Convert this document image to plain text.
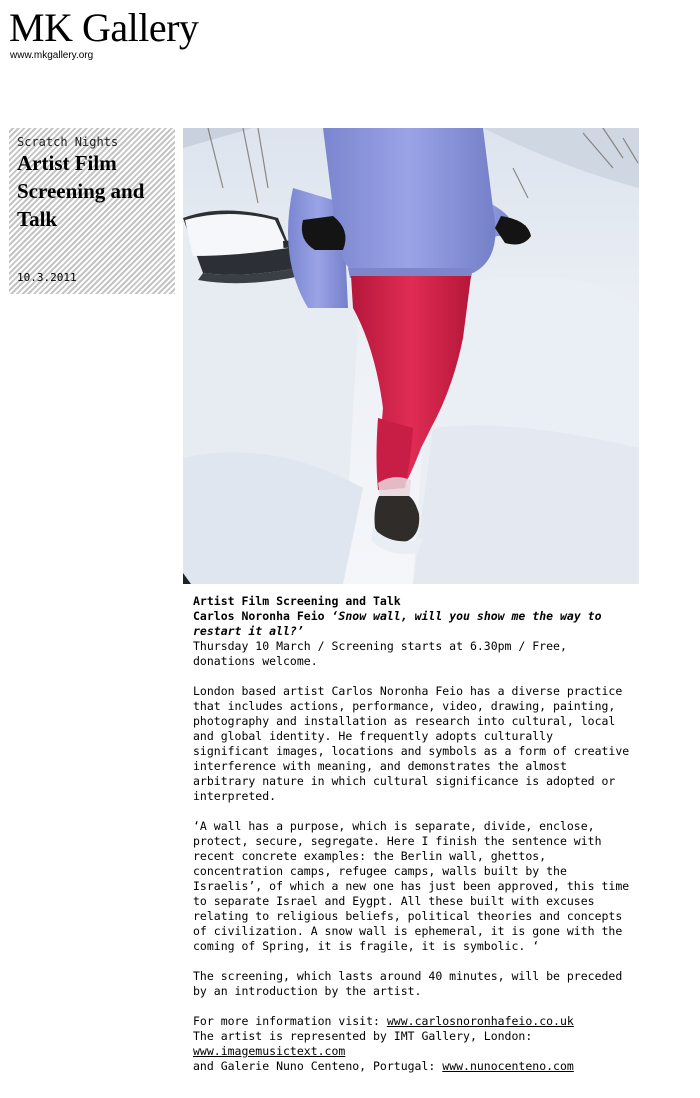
MK Gallery
www.mkgallery.org
Scratch Nights
Artist Film Screening and Talk
10.3.2011

Artist Film Screening and Talk
Carlos Noronha Feio ‘Snow wall, will you show me the way to restart it all?’
Thursday 10 March / Screening starts at 6.30pm / Free, donations welcome.

London based artist Carlos Noronha Feio has a diverse practice that includes actions, performance, video, drawing, painting, photography and installation as research into cultural, local and global identity. He frequently adopts culturally significant images, locations and symbols as a form of creative interference with meaning, and demonstrates the almost arbitrary nature in which cultural significance is adopted or interpreted.

‘A wall has a purpose, which is separate, divide, enclose, protect, secure, segregate. Here I finish the sentence with recent concrete examples: the Berlin wall, ghettos, concentration camps, refugee camps, walls built by the Israelis’, of which a new one has just been approved, this time to separate Israel and Eygpt. All these built with excuses relating to religious beliefs, political theories and concepts of civilization. A snow wall is ephemeral, it is gone with the coming of Spring, it is fragile, it is symbolic. ‘

The screening, which lasts around 40 minutes, will be preceded by an introduction by the artist.

For more information visit: www.carlosnoronhafeio.co.uk
The artist is represented by IMT Gallery, London:
www.imagemusictext.com
and Galerie Nuno Centeno, Portugal: www.nunocenteno.com
